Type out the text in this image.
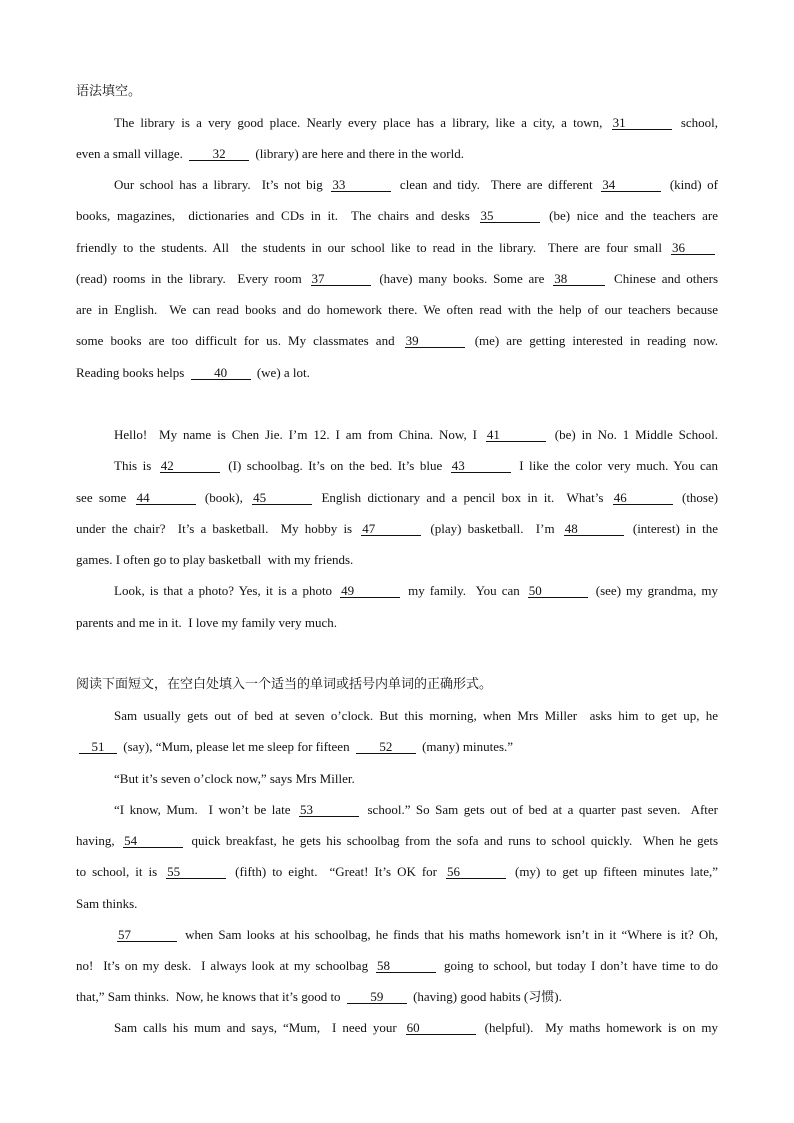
语法填空。
The library is a very good place. Nearly every place has a library, like a city, a town, 31	school,
even a small village. 32 (library) are here and there in the world.
Our school has a library.  It’s not big 33	clean and tidy.  There are different 34	(kind) of
books, magazines,  dictionaries and CDs in it.  The chairs and desks 35	(be) nice and the teachers are
friendly to the students. All  the students in our school like to read in the library.  There are four small 36
(read) rooms in the library.  Every room 37	(have) many books. Some are 38	Chinese and others
are in English.  We can read books and do homework there. We often read with the help of our teachers because
some books are too difficult for us. My classmates and 39	(me) are getting interested in reading now.
Reading books helps 40 (we) a lot.
Hello!  My name is Chen Jie. I’m 12. I am from China. Now, I 41	(be) in No. 1 Middle School.
This is 42	(I) schoolbag. It’s on the bed. It’s blue 43	I like the color very much. You can
see some 44	(book), 45	English dictionary and a pencil box in it.  What’s 46	(those)
under the chair?  It’s a basketball.  My hobby is 47	(play) basketball.  I’m 48	(interest) in the
games. I often go to play basketball  with my friends.
Look, is that a photo? Yes, it is a photo 49	my family.  You can 50	(see) my grandma, my
parents and me in it.  I love my family very much.
阅读下面短文，在空白处填入一个适当的单词或括号内单词的正确形式。
Sam usually gets out of bed at seven o’clock. But this morning, when Mrs Miller  asks him to get up, he
51 (say), “Mum, please let me sleep for fifteen 52 (many) minutes.”
“But it’s seven o’clock now,” says Mrs Miller.
“I know, Mum.  I won’t be late 53	school.” So Sam gets out of bed at a quarter past seven.  After
having, 54	quick breakfast, he gets his schoolbag from the sofa and runs to school quickly.  When he gets
to school, it is 55	(fifth) to eight.  “Great! It’s OK for 56	(my) to get up fifteen minutes late,”
Sam thinks.
57	when Sam looks at his schoolbag, he finds that his maths homework isn’t in it “Where is it? Oh,
no!  It’s on my desk.  I always look at my schoolbag 58	going to school, but today I don’t have time to do
that,” Sam thinks.  Now, he knows that it’s good to 59 (having) good habits (习惯).
Sam calls his mum and says, “Mum,  I need your 60	(helpful).  My maths homework is on my
